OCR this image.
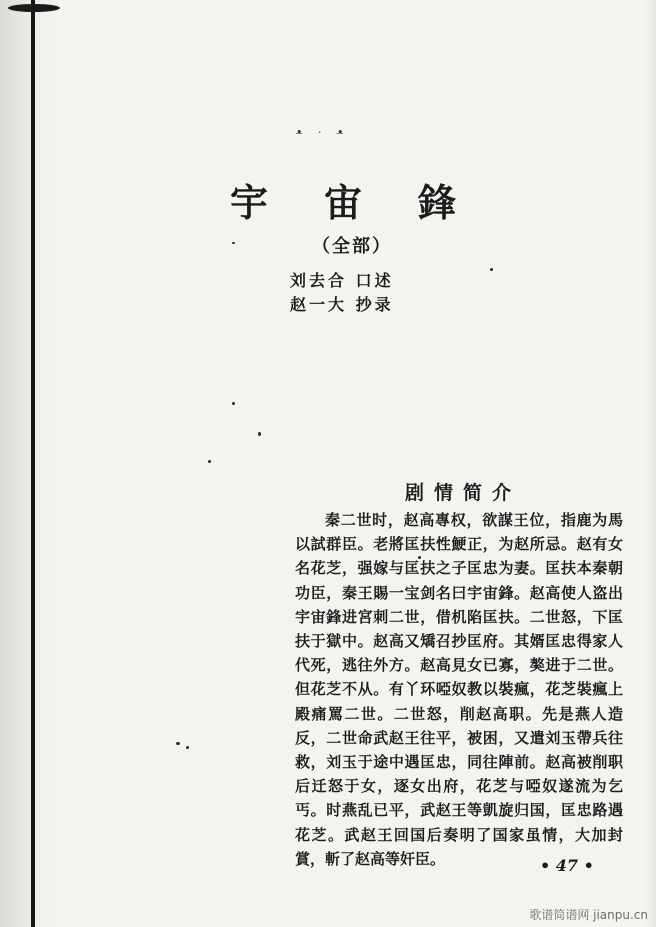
•̶ · •̶
宇宙鋒
（全部）
刘去合 口述
赵一大 抄录
剧情简介

秦二世时，赵高專权，欲謀王位，指鹿为馬以試群臣。老將匡扶性鯁正，为赵所忌。赵有女名花芝，强嫁与匡扶之子匡忠为妻。匡扶本秦朝功臣，秦王賜一宝剑名曰宇宙鋒。赵高使人盗出宇宙鋒进宮刺二世，借机陷匡扶。二世怒，下匡扶于獄中。赵高又矯召抄匡府。其婿匡忠得家人代死，逃往外方。赵高見女已寡，獒进于二世。但花芝不从。有丫环啞奴教以裝瘋，花芝裝瘋上殿痛罵二世。二世怒，削赵高职。先是燕人造反，二世命武赵王往平，被困，又遣刘玉帶兵往救，刘玉于途中遇匡忠，同往陣前。赵高被削职后迁怒于女，逐女出府，花芝与啞奴遂流为乞丐。时燕乱已平，武赵王等凱旋归国，匡忠路遇花芝。武赵王回国后奏明了国家虽情，大加封賞，斬了赵高等奸臣。	• 47 •
歌谱简谱网 jianpu.cn
